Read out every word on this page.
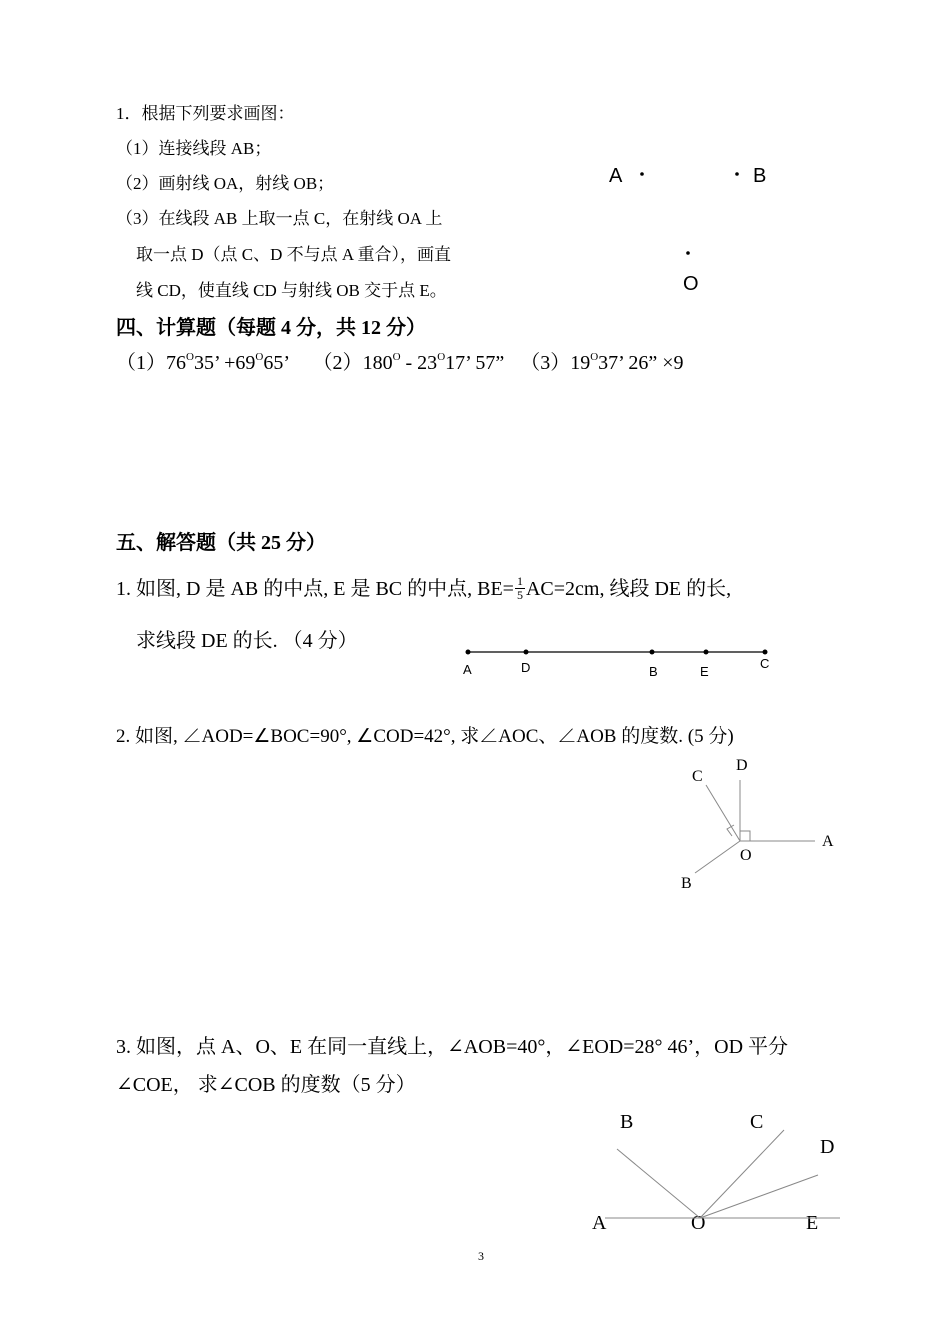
1．根据下列要求画图：
（1）连接线段 AB；
（2）画射线 OA，射线 OB；
（3）在线段 AB 上取一点 C，在射线 OA 上
取一点 D（点 C、D 不与点 A 重合），画直
线 CD，使直线 CD 与射线 OB 交于点 E。
A	B
O
四、计算题（每题 4 分，共 12 分）
$(1)76^O35$’ $+69^O65$’ $(2)180^O - 23^O17$’ 57” $(3)19^O37$’ 26” ×9
五、解答题（共 25 分）
1. 如图, D 是 AB 的中点, E 是 BC 的中点, $BE= \frac{1}{5} AC=2cm$, 线段 DE 的长,
求线段 DE 的长. （4 分）
A	D	B	E
C
2. 如图, ∠AOD=∠BOC=90°, ∠COD=42°, 求∠AOC、∠AOB 的度数. (5 分)
C
D
A
O
B
3. 如图，点 A、O、E 在同一直线上，∠AOB=40°，∠EOD=28° 46’，OD 平分
∠COE， 求∠COB 的度数（5 分）
B	C
D
A	O	E
3
